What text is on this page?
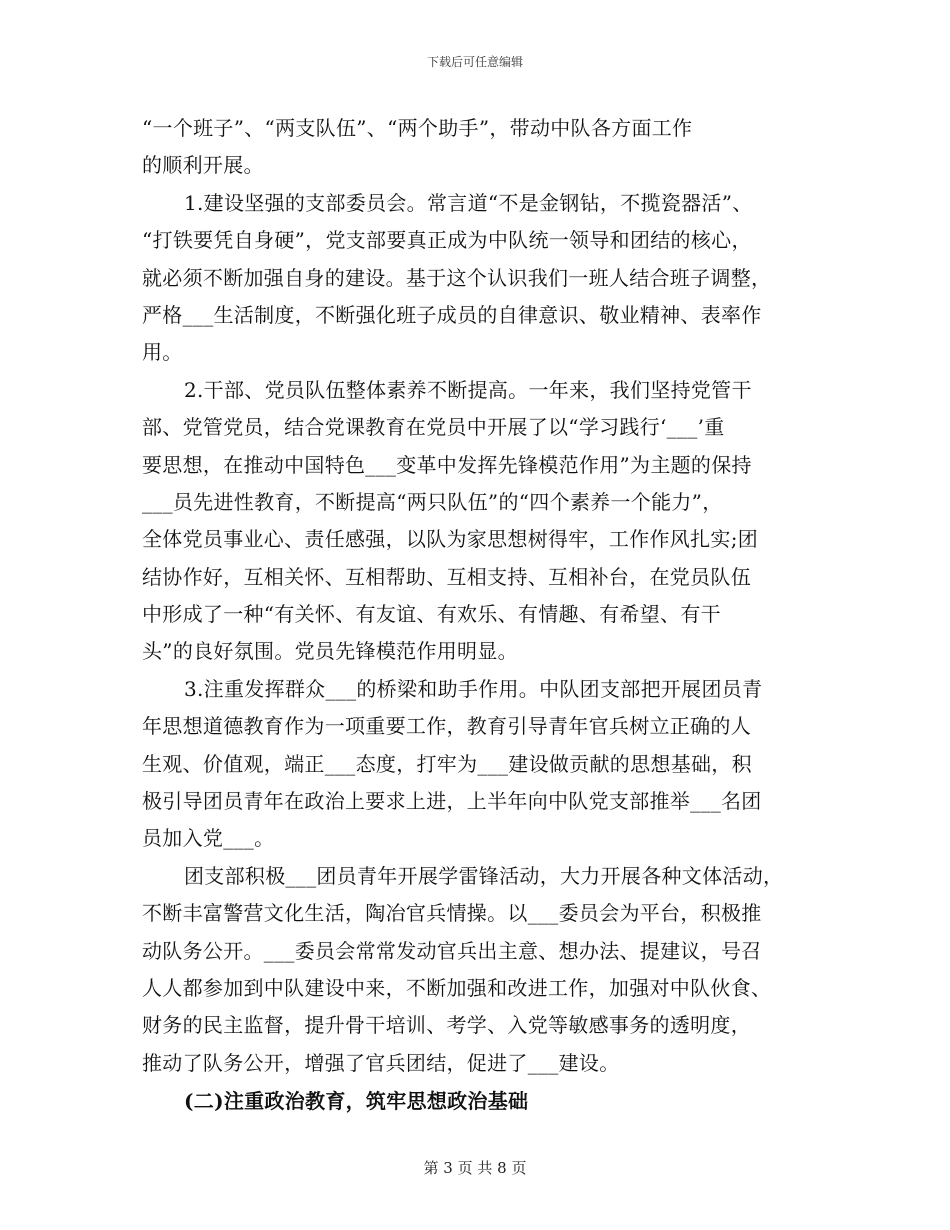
下载后可任意编辑
“一个班子”、“两支队伍”、“两个助手”，带动中队各方面工作
的顺利开展。
1.建设坚强的支部委员会。常言道“不是金钢钻，不揽瓷器活”、
“打铁要凭自身硬”，党支部要真正成为中队统一领导和团结的核心，
就必须不断加强自身的建设。基于这个认识我们一班人结合班子调整，
严格___生活制度，不断强化班子成员的自律意识、敬业精神、表率作
用。
2.干部、党员队伍整体素养不断提高。一年来，我们坚持党管干
部、党管党员，结合党课教育在党员中开展了以“学习践行‘___’重
要思想，在推动中国特色___变革中发挥先锋模范作用”为主题的保持
___员先进性教育，不断提高“两只队伍”的“四个素养一个能力”，
全体党员事业心、责任感强，以队为家思想树得牢，工作作风扎实;团
结协作好，互相关怀、互相帮助、互相支持、互相补台，在党员队伍
中形成了一种“有关怀、有友谊、有欢乐、有情趣、有希望、有干
头”的良好氛围。党员先锋模范作用明显。
3.注重发挥群众___的桥梁和助手作用。中队团支部把开展团员青
年思想道德教育作为一项重要工作，教育引导青年官兵树立正确的人
生观、价值观，端正___态度，打牢为___建设做贡献的思想基础，积
极引导团员青年在政治上要求上进，上半年向中队党支部推举___名团
员加入党___。
团支部积极___团员青年开展学雷锋活动，大力开展各种文体活动，
不断丰富警营文化生活，陶冶官兵情操。以___委员会为平台，积极推
动队务公开。___委员会常常发动官兵出主意、想办法、提建议，号召
人人都参加到中队建设中来，不断加强和改进工作，加强对中队伙食、
财务的民主监督，提升骨干培训、考学、入党等敏感事务的透明度，
推动了队务公开，增强了官兵团结，促进了___建设。
(二)注重政治教育，筑牢思想政治基础
第 3 页 共 8 页
